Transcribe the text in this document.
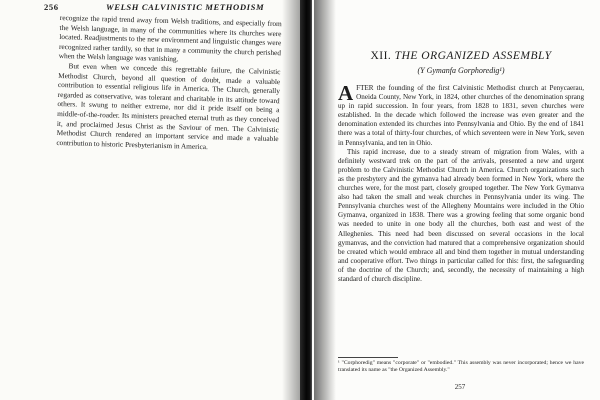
256	WELSH CALVINISTIC METHODISM

recognize the rapid trend away from Welsh traditions, and especially from the Welsh language, in many of the communities where its churches were located. Readjustments to the new environment and linguistic changes were recognized rather tardily, so that in many a community the church perished when the Welsh language was vanishing.

But even when we concede this regrettable failure, the Calvinistic Methodist Church, beyond all question of doubt, made a valuable contribution to essential religious life in America. The Church, generally regarded as conservative, was tolerant and charitable in its attitude toward others. It swung to neither extreme, nor did it pride itself on being a middle-of-the-roader. Its ministers preached eternal truth as they conceived it, and proclaimed Jesus Christ as the Saviour of men. The Calvinistic Methodist Church rendered an important service and made a valuable contribution to historic Presbyterianism in America.

XII. THE ORGANIZED ASSEMBLY
(Y Gymanfa Gorphoredig¹)

AFTER the founding of the first Calvinistic Methodist church at Penycaerau, Oneida County, New York, in 1824, other churches of the denomination sprang up in rapid succession. In four years, from 1828 to 1831, seven churches were established. In the decade which followed the increase was even greater and the denomination extended its churches into Pennsylvania and Ohio. By the end of 1841 there was a total of thirty-four churches, of which seventeen were in New York, seven in Pennsylvania, and ten in Ohio.

This rapid increase, due to a steady stream of migration from Wales, with a definitely westward trek on the part of the arrivals, presented a new and urgent problem to the Calvinistic Methodist Church in America. Church organizations such as the presbytery and the gymanva had already been formed in New York, where the churches were, for the most part, closely grouped together. The New York Gymanva also had taken the small and weak churches in Pennsylvania under its wing. The Pennsylvania churches west of the Allegheny Mountains were included in the Ohio Gymanva, organized in 1838. There was a growing feeling that some organic bond was needed to unite in one body all the churches, both east and west of the Alleghenies. This need had been discussed on several occasions in the local gymanvas, and the conviction had matured that a comprehensive organization should be created which would embrace all and bind them together in mutual understanding and cooperative effort. Two things in particular called for this: first, the safeguarding of the doctrine of the Church; and, secondly, the necessity of maintaining a high standard of church discipline.

¹ "Corphoredig" means "corporate" or "embodied." This assembly was never incorporated; hence we have translated its name as "the Organized Assembly."
257
